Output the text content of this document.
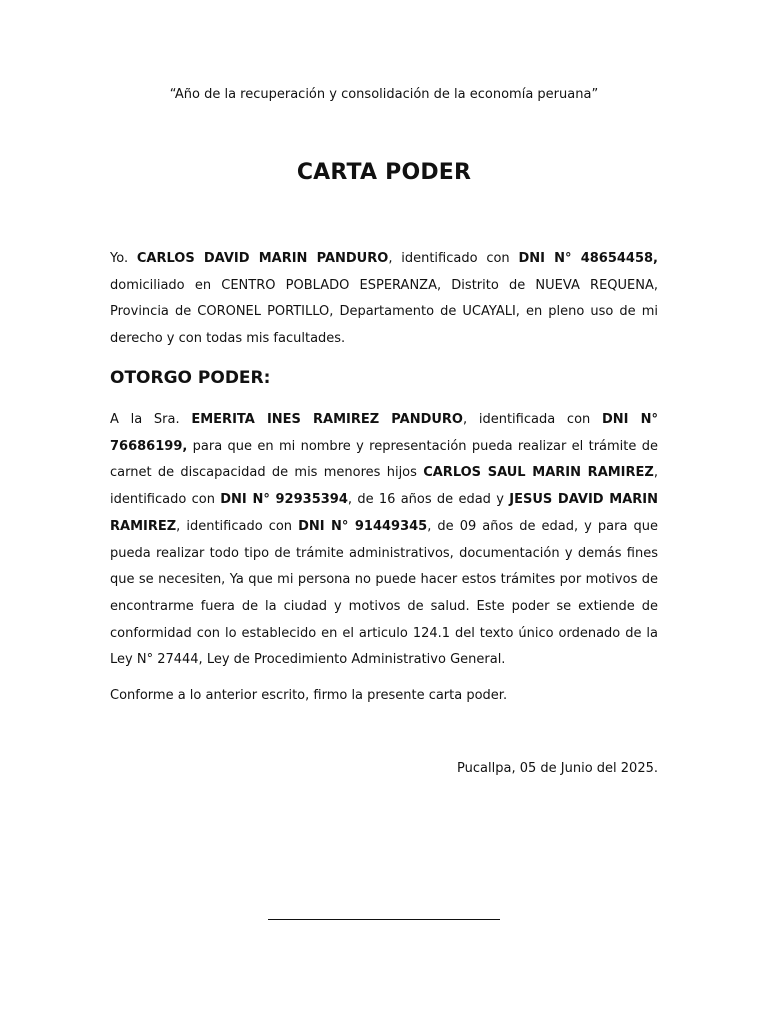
“Año de la recuperación y consolidación de la economía peruana”
CARTA PODER
Yo. CARLOS DAVID MARIN PANDURO, identificado con DNI N° 48654458, domiciliado en CENTRO POBLADO ESPERANZA, Distrito de NUEVA REQUENA, Provincia de CORONEL PORTILLO, Departamento de UCAYALI, en pleno uso de mi derecho y con todas mis facultades.
OTORGO PODER:
A la Sra. EMERITA INES RAMIREZ PANDURO, identificada con DNI N° 76686199, para que en mi nombre y representación pueda realizar el trámite de carnet de discapacidad de mis menores hijos CARLOS SAUL MARIN RAMIREZ, identificado con DNI N° 92935394, de 16 años de edad y JESUS DAVID MARIN RAMIREZ, identificado con DNI N° 91449345, de 09 años de edad, y para que pueda realizar todo tipo de trámite administrativos, documentación y demás fines que se necesiten, Ya que mi persona no puede hacer estos trámites por motivos de encontrarme fuera de la ciudad y motivos de salud. Este poder se extiende de conformidad con lo establecido en el articulo 124.1 del texto único ordenado de la Ley N° 27444, Ley de Procedimiento Administrativo General.
Conforme a lo anterior escrito, firmo la presente carta poder.
Pucallpa, 05 de Junio del 2025.
